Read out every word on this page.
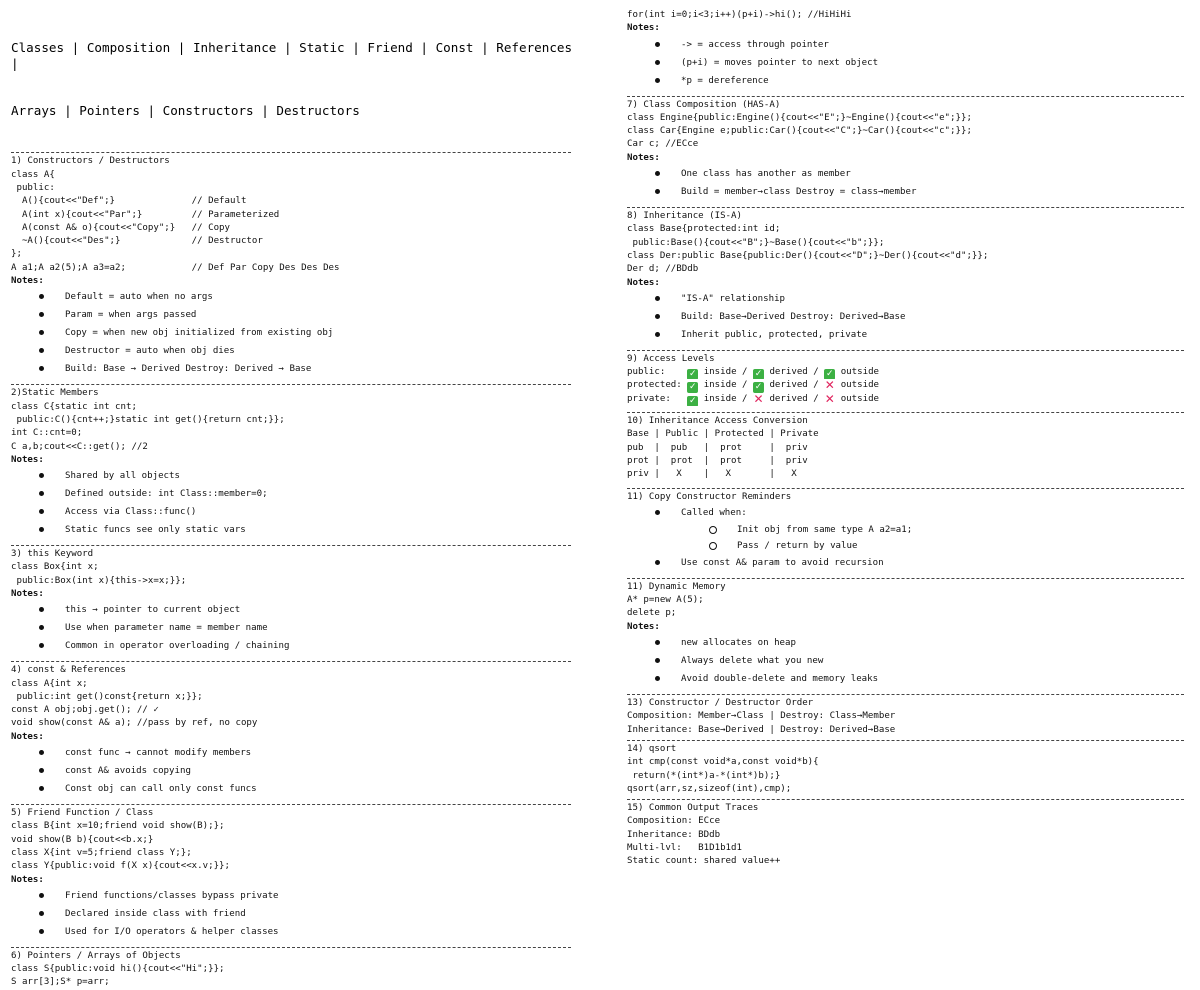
Classes | Composition | Inheritance | Static | Friend | Const | References |

Arrays | Pointers | Constructors | Destructors

1) Constructors / Destructors
class A{
public:
A(){cout<<"Def";}              // Default
A(int x){cout<<"Par";}         // Parameterized
A(const A& o){cout<<"Copy";}   // Copy
~A(){cout<<"Des";}             // Destructor
};
A a1;A a2(5);A a3=a2;            // Def Par Copy Des Des Des
Notes:
Default = auto when no args
Param = when args passed
Copy = when new obj initialized from existing obj
Destructor = auto when obj dies
Build: Base → Derived Destroy: Derived → Base
2)Static Members
class C{static int cnt;
public:C(){cnt++;}static int get(){return cnt;}};
int C::cnt=0;
C a,b;cout<<C::get(); //2
Notes:
Shared by all objects
Defined outside: int Class::member=0;
Access via Class::func()
Static funcs see only static vars
3) this Keyword
class Box{int x;
public:Box(int x){this->x=x;}};
Notes:
this → pointer to current object
Use when parameter name = member name
Common in operator overloading / chaining
4) const & References
class A{int x;
public:int get()const{return x;}};
const A obj;obj.get(); // ✓
void show(const A& a); //pass by ref, no copy
Notes:
const func → cannot modify members
const A& avoids copying
Const obj can call only const funcs
5) Friend Function / Class
class B{int x=10;friend void show(B);};
void show(B b){cout<<b.x;}
class X{int v=5;friend class Y;};
class Y{public:void f(X x){cout<<x.v;}};
Notes:
Friend functions/classes bypass private
Declared inside class with friend
Used for I/O operators & helper classes
6) Pointers / Arrays of Objects
class S{public:void hi(){cout<<"Hi";}};
S arr[3];S* p=arr;
for(int i=0;i<3;i++)(p+i)->hi(); //HiHiHi
Notes:
-> = access through pointer
(p+i) = moves pointer to next object
*p = dereference
7) Class Composition (HAS-A)
class Engine{public:Engine(){cout<<"E";}~Engine(){cout<<"e";}};
class Car{Engine e;public:Car(){cout<<"C";}~Car(){cout<<"c";}};
Car c; //ECce
Notes:
One class has another as member
Build = member→class Destroy = class→member
8) Inheritance (IS-A)
class Base{protected:int id;
public:Base(){cout<<"B";}~Base(){cout<<"b";}};
class Der:public Base{public:Der(){cout<<"D";}~Der(){cout<<"d";}};
Der d; //BDdb
Notes:
"IS-A" relationship
Build: Base→Derived Destroy: Derived→Base
Inherit public, protected, private
9) Access Levels
public:    ✓ inside / ✓ derived / ✓ outside
protected: ✓ inside / ✓ derived / ✕ outside
private:   ✓ inside / ✕ derived / ✕ outside
10) Inheritance Access Conversion
Base | Public | Protected | Private
pub  |  pub   |  prot     |  priv
prot |  prot  |  prot     |  priv
priv |   X    |   X       |   X
11) Copy Constructor Reminders
Called when:
Init obj from same type A a2=a1;
Pass / return by value
Use const A& param to avoid recursion
11) Dynamic Memory
A* p=new A(5);
delete p;
Notes:
new allocates on heap
Always delete what you new
Avoid double-delete and memory leaks
13) Constructor / Destructor Order
Composition: Member→Class | Destroy: Class→Member
Inheritance: Base→Derived | Destroy: Derived→Base
14) qsort
int cmp(const void*a,const void*b){
return(*(int*)a-*(int*)b);}
qsort(arr,sz,sizeof(int),cmp);
15) Common Output Traces
Composition: ECce
Inheritance: BDdb
Multi-lvl:   B1D1b1d1
Static count: shared value++
